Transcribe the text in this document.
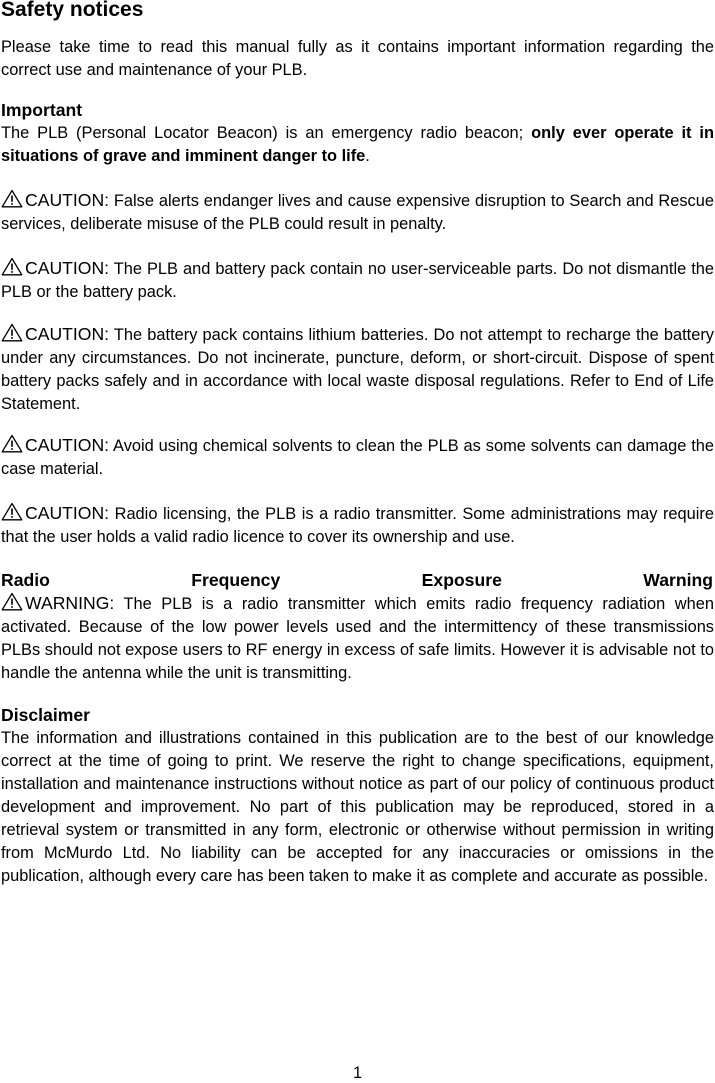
Safety notices

Please take time to read this manual fully as it contains important information regarding the correct use and maintenance of your PLB.

Important

The PLB (Personal Locator Beacon) is an emergency radio beacon; only ever operate it in situations of grave and imminent danger to life.

CAUTION: False alerts endanger lives and cause expensive disruption to Search and Rescue services, deliberate misuse of the PLB could result in penalty.

CAUTION: The PLB and battery pack contain no user-serviceable parts. Do not dismantle the PLB or the battery pack.

CAUTION: The battery pack contains lithium batteries. Do not attempt to recharge the battery under any circumstances. Do not incinerate, puncture, deform, or short-circuit. Dispose of spent battery packs safely and in accordance with local waste disposal regulations. Refer to End of Life Statement.

CAUTION: Avoid using chemical solvents to clean the PLB as some solvents can damage the case material.

CAUTION: Radio licensing, the PLB is a radio transmitter. Some administrations may require that the user holds a valid radio licence to cover its ownership and use.

Radio	Frequency	Exposure	Warning

WARNING: The PLB is a radio transmitter which emits radio frequency radiation when activated. Because of the low power levels used and the intermittency of these transmissions PLBs should not expose users to RF energy in excess of safe limits. However it is advisable not to handle the antenna while the unit is transmitting.

Disclaimer

The information and illustrations contained in this publication are to the best of our knowledge correct at the time of going to print. We reserve the right to change specifications, equipment, installation and maintenance instructions without notice as part of our policy of continuous product development and improvement. No part of this publication may be reproduced, stored in a retrieval system or transmitted in any form, electronic or otherwise without permission in writing from McMurdo Ltd. No liability can be accepted for any inaccuracies or omissions in the publication, although every care has been taken to make it as complete and accurate as possible.

1
